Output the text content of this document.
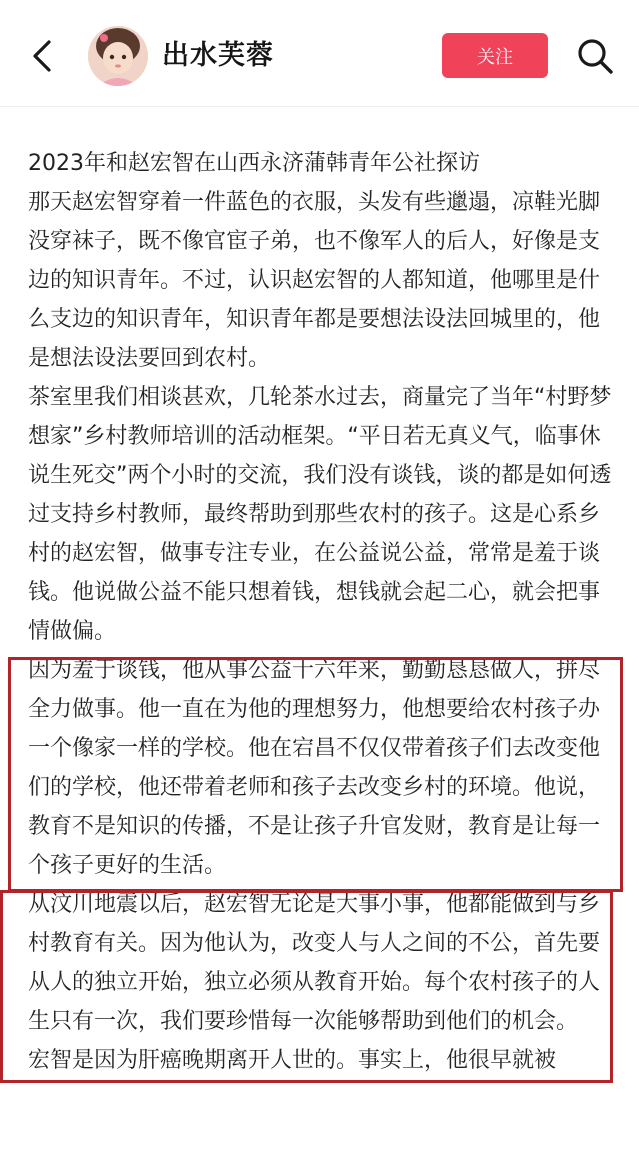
出水芙蓉	关注

2023年和赵宏智在山西永济蒲韩青年公社探访

那天赵宏智穿着一件蓝色的衣服，头发有些邋遢，凉鞋光脚没穿袜子，既不像官宦子弟，也不像军人的后人，好像是支边的知识青年。不过，认识赵宏智的人都知道，他哪里是什么支边的知识青年，知识青年都是要想法设法回城里的，他是想法设法要回到农村。

茶室里我们相谈甚欢，几轮茶水过去，商量完了当年“村野梦想家”乡村教师培训的活动框架。“平日若无真义气，临事休说生死交”两个小时的交流，我们没有谈钱，谈的都是如何透过支持乡村教师，最终帮助到那些农村的孩子。这是心系乡村的赵宏智，做事专注专业，在公益说公益，常常是羞于谈钱。他说做公益不能只想着钱，想钱就会起二心，就会把事情做偏。

因为羞于谈钱，他从事公益十六年来，勤勤恳恳做人，拼尽全力做事。他一直在为他的理想努力，他想要给农村孩子办一个像家一样的学校。他在宕昌不仅仅带着孩子们去改变他们的学校，他还带着老师和孩子去改变乡村的环境。他说，教育不是知识的传播，不是让孩子升官发财，教育是让每一个孩子更好的生活。

从汶川地震以后，赵宏智无论是大事小事，他都能做到与乡村教育有关。因为他认为，改变人与人之间的不公，首先要从人的独立开始，独立必须从教育开始。每个农村孩子的人生只有一次，我们要珍惜每一次能够帮助到他们的机会。

宏智是因为肝癌晚期离开人世的。事实上，他很早就被
